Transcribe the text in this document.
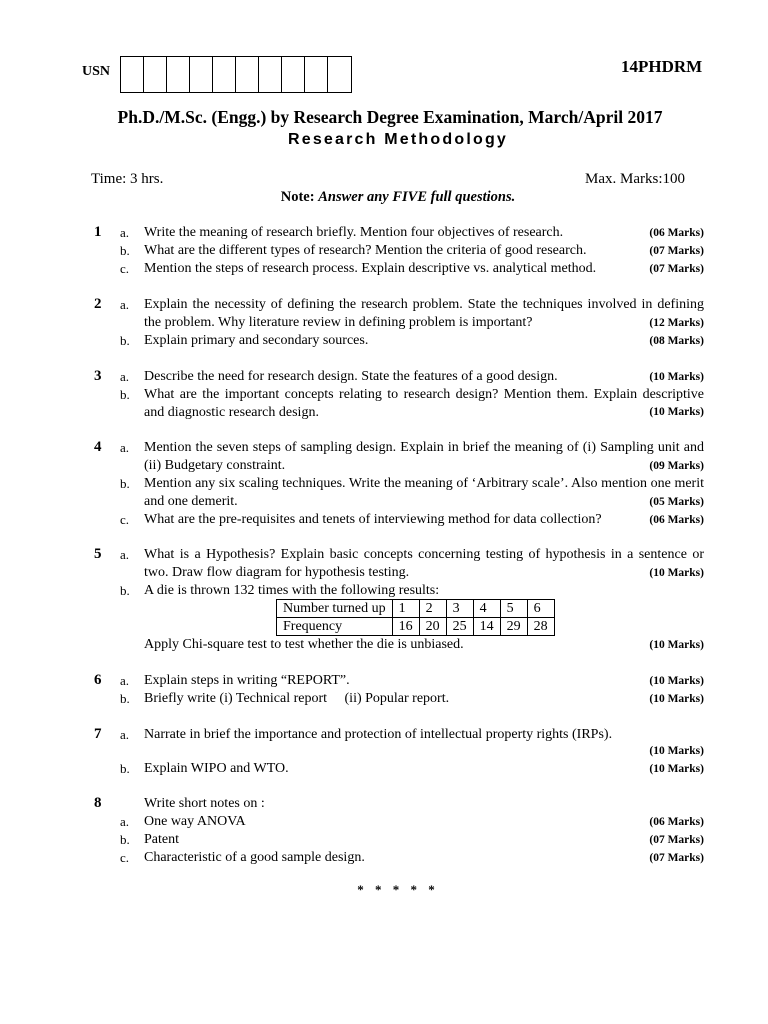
USN	14PHDRM
Ph.D./M.Sc. (Engg.) by Research Degree Examination, March/April 2017
Research Methodology
Time: 3 hrs.	Max. Marks:100
Note: Answer any FIVE full questions.
1 a. Write the meaning of research briefly. Mention four objectives of research.	(06 Marks)
b. What are the different types of research? Mention the criteria of good research.	(07 Marks)
c. Mention the steps of research process. Explain descriptive vs. analytical method.	(07 Marks)
2 a. Explain the necessity of defining the research problem. State the techniques involved in defining the problem. Why literature review in defining problem is important?	(12 Marks)
b. Explain primary and secondary sources.	(08 Marks)
3 a. Describe the need for research design. State the features of a good design.	(10 Marks)
b. What are the important concepts relating to research design? Mention them. Explain descriptive and diagnostic research design.	(10 Marks)
4 a. Mention the seven steps of sampling design. Explain in brief the meaning of (i) Sampling unit and (ii) Budgetary constraint.	(09 Marks)
b. Mention any six scaling techniques. Write the meaning of ‘Arbitrary scale’. Also mention one merit and one demerit.	(05 Marks)
c. What are the pre-requisites and tenets of interviewing method for data collection?	(06 Marks)
5 a. What is a Hypothesis? Explain basic concepts concerning testing of hypothesis in a sentence or two. Draw flow diagram for hypothesis testing.	(10 Marks)
b. A die is thrown 132 times with the following results:
Number turned up	1	2	3	4	5	6
Frequency	16	20	25	14	29	28
Apply Chi-square test to test whether the die is unbiased.	(10 Marks)
6 a. Explain steps in writing “REPORT”.	(10 Marks)
b. Briefly write (i) Technical report     (ii) Popular report.	(10 Marks)
7 a. Narrate in brief the importance and protection of intellectual property rights (IRPs).
(10 Marks)
b. Explain WIPO and WTO.	(10 Marks)
8	Write short notes on :
a. One way ANOVA	(06 Marks)
b. Patent	(07 Marks)
c. Characteristic of a good sample design.	(07 Marks)
* * * * *
